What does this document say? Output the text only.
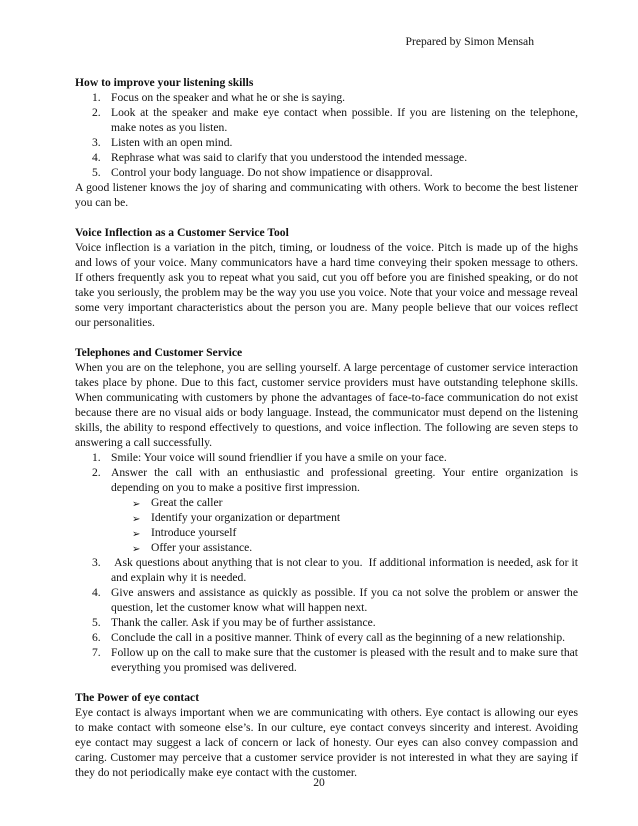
Prepared by Simon Mensah
How to improve your listening skills
1. Focus on the speaker and what he or she is saying.
2. Look at the speaker and make eye contact when possible. If you are listening on the telephone, make notes as you listen.
3. Listen with an open mind.
4. Rephrase what was said to clarify that you understood the intended message.
5. Control your body language. Do not show impatience or disapproval.
A good listener knows the joy of sharing and communicating with others. Work to become the best listener you can be.
Voice Inflection as a Customer Service Tool
Voice inflection is a variation in the pitch, timing, or loudness of the voice. Pitch is made up of the highs and lows of your voice. Many communicators have a hard time conveying their spoken message to others. If others frequently ask you to repeat what you said, cut you off before you are finished speaking, or do not take you seriously, the problem may be the way you use you voice. Note that your voice and message reveal some very important characteristics about the person you are. Many people believe that our voices reflect our personalities.
Telephones and Customer Service
When you are on the telephone, you are selling yourself. A large percentage of customer service interaction takes place by phone. Due to this fact, customer service providers must have outstanding telephone skills. When communicating with customers by phone the advantages of face-to-face communication do not exist because there are no visual aids or body language. Instead, the communicator must depend on the listening skills, the ability to respond effectively to questions, and voice inflection. The following are seven steps to answering a call successfully.
1. Smile: Your voice will sound friendlier if you have a smile on your face.
2. Answer the call with an enthusiastic and professional greeting. Your entire organization is depending on you to make a positive first impression.
➢ Great the caller
➢ Identify your organization or department
➢ Introduce yourself
➢ Offer your assistance.
3. Ask questions about anything that is not clear to you.  If additional information is needed, ask for it and explain why it is needed.
4. Give answers and assistance as quickly as possible. If you ca not solve the problem or answer the question, let the customer know what will happen next.
5. Thank the caller. Ask if you may be of further assistance.
6. Conclude the call in a positive manner. Think of every call as the beginning of a new relationship.
7. Follow up on the call to make sure that the customer is pleased with the result and to make sure that everything you promised was delivered.
The Power of eye contact
Eye contact is always important when we are communicating with others. Eye contact is allowing our eyes to make contact with someone else’s. In our culture, eye contact conveys sincerity and interest. Avoiding eye contact may suggest a lack of concern or lack of honesty. Our eyes can also convey compassion and caring. Customer may perceive that a customer service provider is not interested in what they are saying if they do not periodically make eye contact with the customer.
20
